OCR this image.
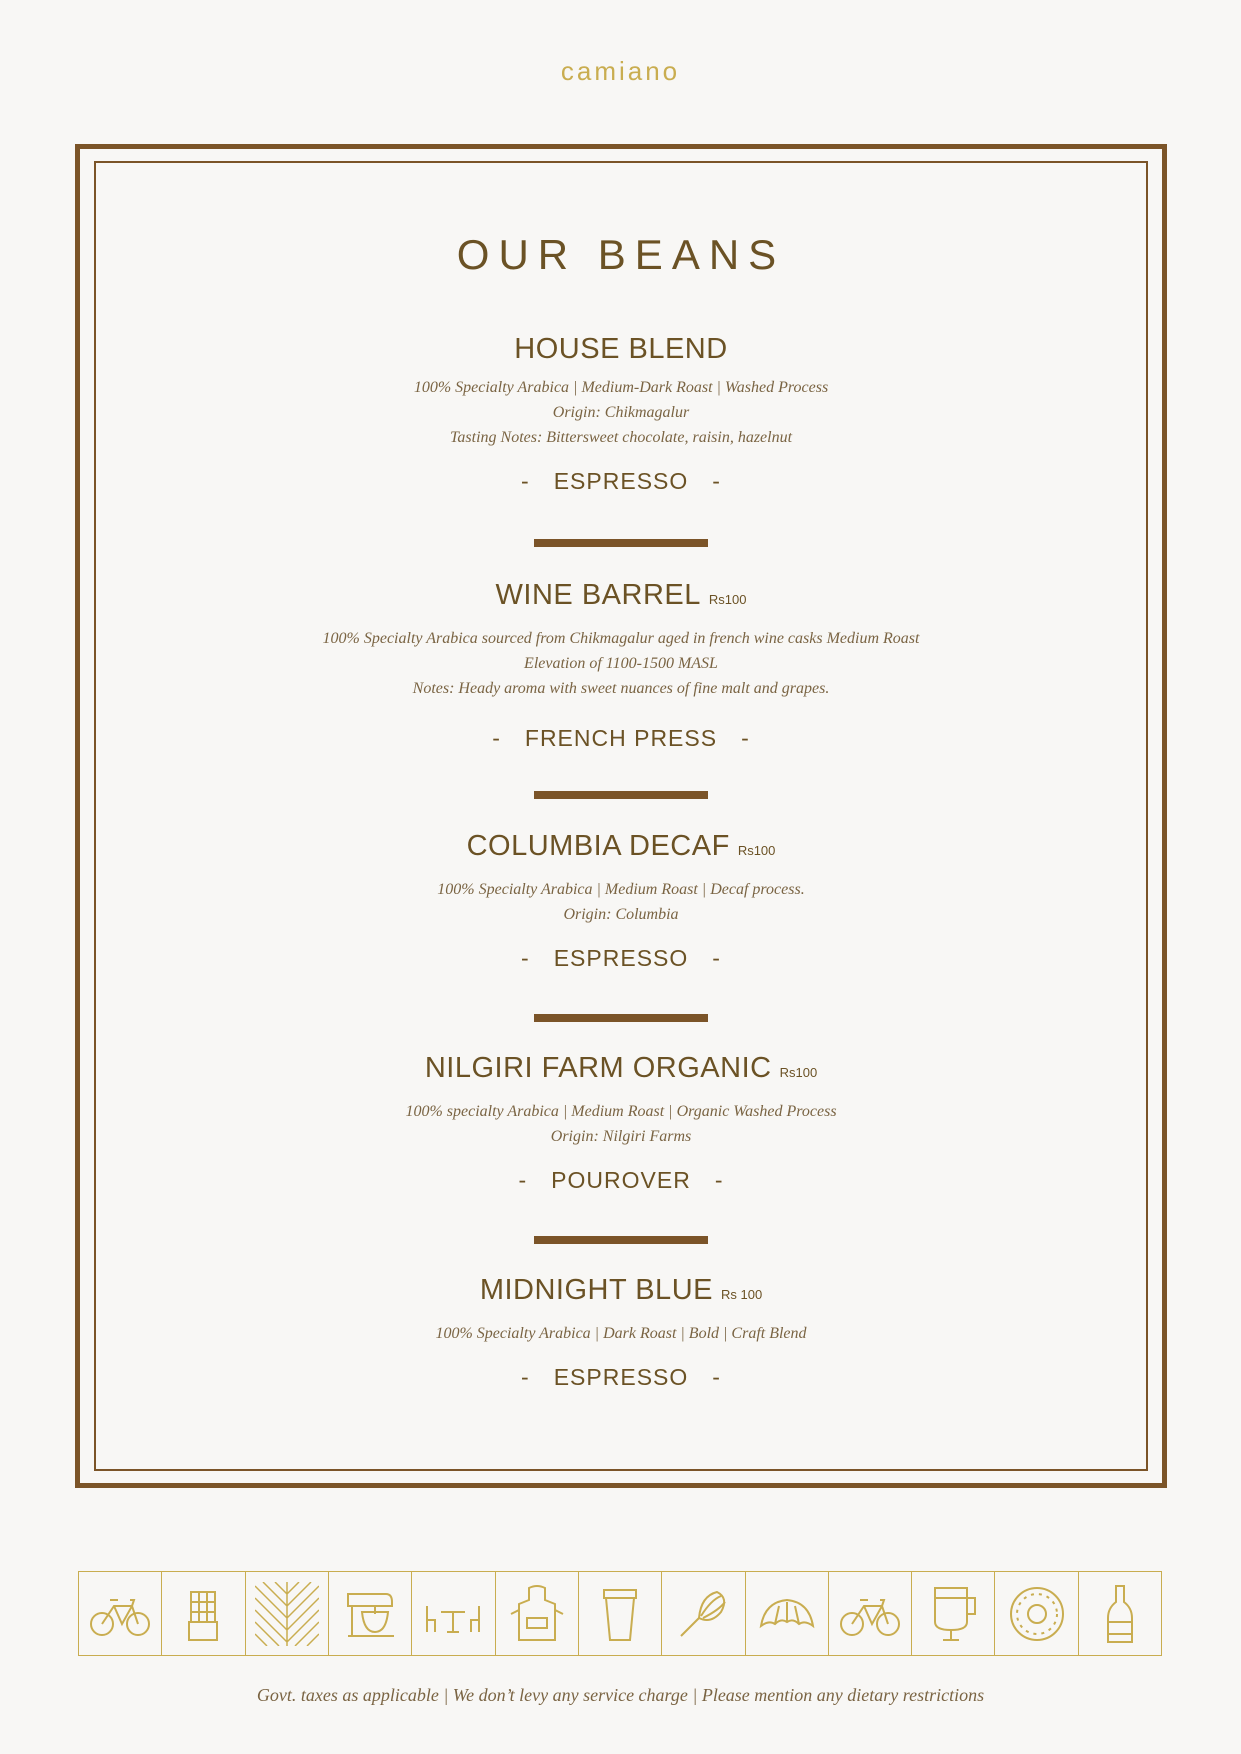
camiano
OUR BEANS
HOUSE BLEND
100% Specialty Arabica | Medium-Dark Roast | Washed Process
Origin: Chikmagalur
Tasting Notes: Bittersweet chocolate, raisin, hazelnut
- ESPRESSO -
WINE BARREL Rs100
100% Specialty Arabica sourced from Chikmagalur aged in french wine casks Medium Roast
Elevation of 1100-1500 MASL
Notes: Heady aroma with sweet nuances of fine malt and grapes.
- FRENCH PRESS -
COLUMBIA DECAF Rs100
100% Specialty Arabica | Medium Roast | Decaf process.
Origin: Columbia
- ESPRESSO -
NILGIRI FARM ORGANIC Rs100
100% specialty Arabica | Medium Roast | Organic Washed Process
Origin: Nilgiri Farms
- POUROVER -
MIDNIGHT BLUE Rs 100
100% Specialty Arabica | Dark Roast | Bold | Craft Blend
- ESPRESSO -
Govt. taxes as applicable | We don’t levy any service charge | Please mention any dietary restrictions
